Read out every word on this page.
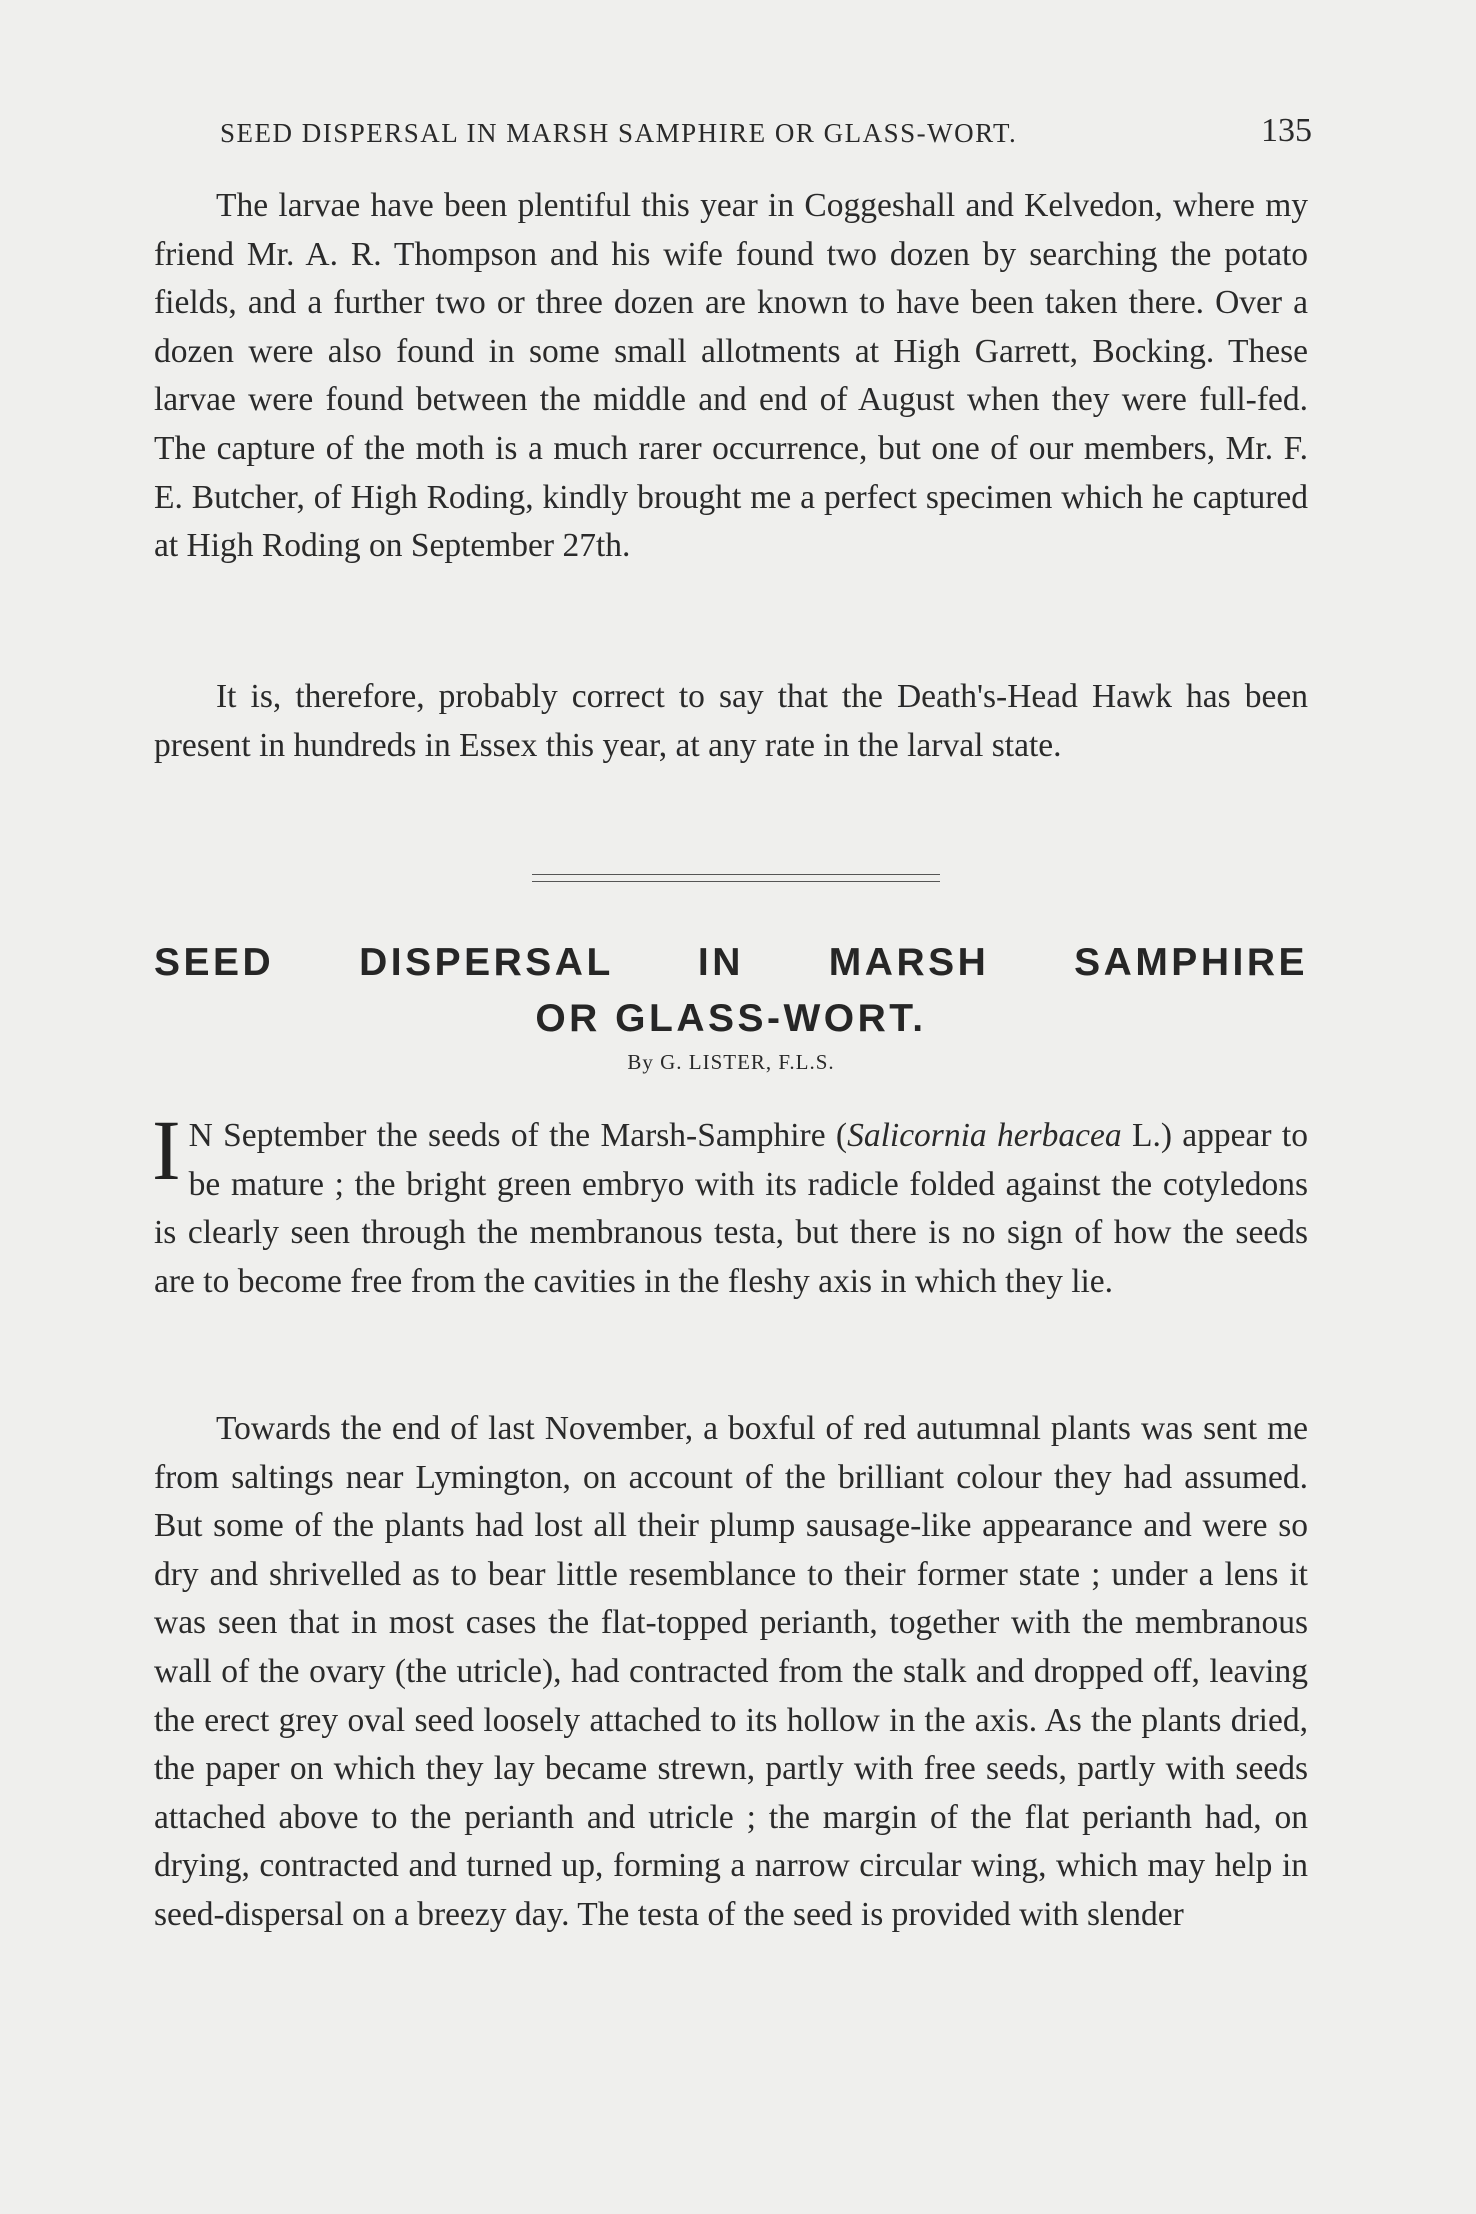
SEED DISPERSAL IN MARSH SAMPHIRE OR GLASS-WORT.	135

The larvae have been plentiful this year in Coggeshall and Kelvedon, where my friend Mr. A. R. Thompson and his wife found two dozen by searching the potato fields, and a further two or three dozen are known to have been taken there. Over a dozen were also found in some small allotments at High Garrett, Bocking. These larvae were found between the middle and end of August when they were full-fed. The capture of the moth is a much rarer occurrence, but one of our members, Mr. F. E. Butcher, of High Roding, kindly brought me a perfect specimen which he captured at High Roding on September 27th.

It is, therefore, probably correct to say that the Death's-Head Hawk has been present in hundreds in Essex this year, at any rate in the larval state.

SEED DISPERSAL IN MARSH SAMPHIRE
OR GLASS-WORT.
By G. LISTER, F.L.S.
I N September the seeds of the Marsh-Samphire (Salicornia herbacea L.) appear to be mature ; the bright green embryo with its radicle folded against the cotyledons is clearly seen through the membranous testa, but there is no sign of how the seeds are to become free from the cavities in the fleshy axis in which they lie.

Towards the end of last November, a boxful of red autumnal plants was sent me from saltings near Lymington, on account of the brilliant colour they had assumed. But some of the plants had lost all their plump sausage-like appearance and were so dry and shrivelled as to bear little resemblance to their former state ; under a lens it was seen that in most cases the flat-topped perianth, together with the membranous wall of the ovary (the utricle), had contracted from the stalk and dropped off, leaving the erect grey oval seed loosely attached to its hollow in the axis. As the plants dried, the paper on which they lay became strewn, partly with free seeds, partly with seeds attached above to the perianth and utricle ; the margin of the flat perianth had, on drying, contracted and turned up, forming a narrow circular wing, which may help in seed-dispersal on a breezy day. The testa of the seed is provided with slender
